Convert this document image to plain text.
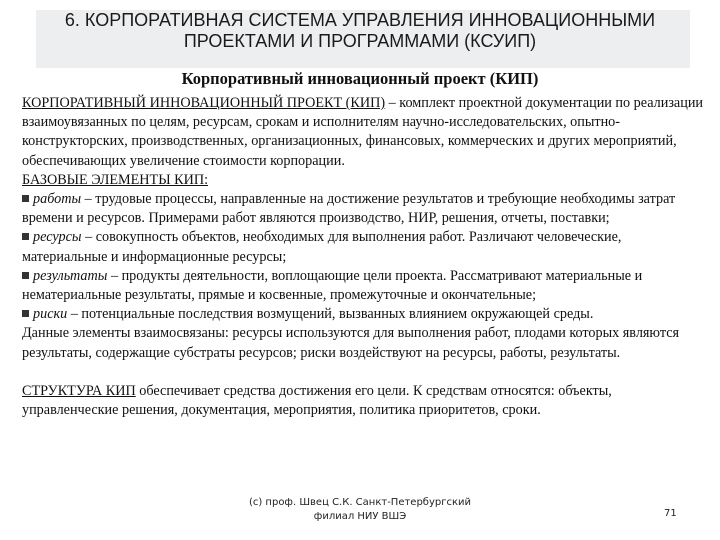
6. КОРПОРАТИВНАЯ СИСТЕМА УПРАВЛЕНИЯ ИННОВАЦИОННЫМИ
ПРОЕКТАМИ И ПРОГРАММАМИ (КСУИП)
Корпоративный инновационный проект (КИП)

КОРПОРАТИВНЫЙ ИННОВАЦИОННЫЙ ПРОЕКТ (КИП) – комплект проектной документации по реализации взаимоувязанных по целям, ресурсам, срокам и исполнителям научно-исследовательских, опытно-конструкторских, производственных, организационных, финансовых, коммерческих и других мероприятий, обеспечивающих увеличение стоимости корпорации.

БАЗОВЫЕ ЭЛЕМЕНТЫ КИП:

работы – трудовые процессы, направленные на достижение результатов и требующие необходимы затрат времени и ресурсов. Примерами работ являются производство, НИР, решения, отчеты, поставки;

ресурсы – совокупность объектов, необходимых для выполнения работ. Различают человеческие, материальные и информационные ресурсы;

результаты – продукты деятельности, воплощающие цели проекта. Рассматривают материальные и нематериальные результаты, прямые и косвенные, промежуточные и окончательные;

риски – потенциальные последствия возмущений, вызванных влиянием окружающей среды.

Данные элементы взаимосвязаны: ресурсы используются для выполнения работ, плодами которых являются результаты, содержащие субстраты ресурсов; риски воздействуют на ресурсы, работы, результаты.

СТРУКТУРА КИП обеспечивает средства достижения его цели. К средствам относятся: объекты, управленческие решения, документация, мероприятия, политика приоритетов, сроки.

(с) проф. Швец С.К. Санкт-Петербургский
филиал НИУ ВШЭ	71
